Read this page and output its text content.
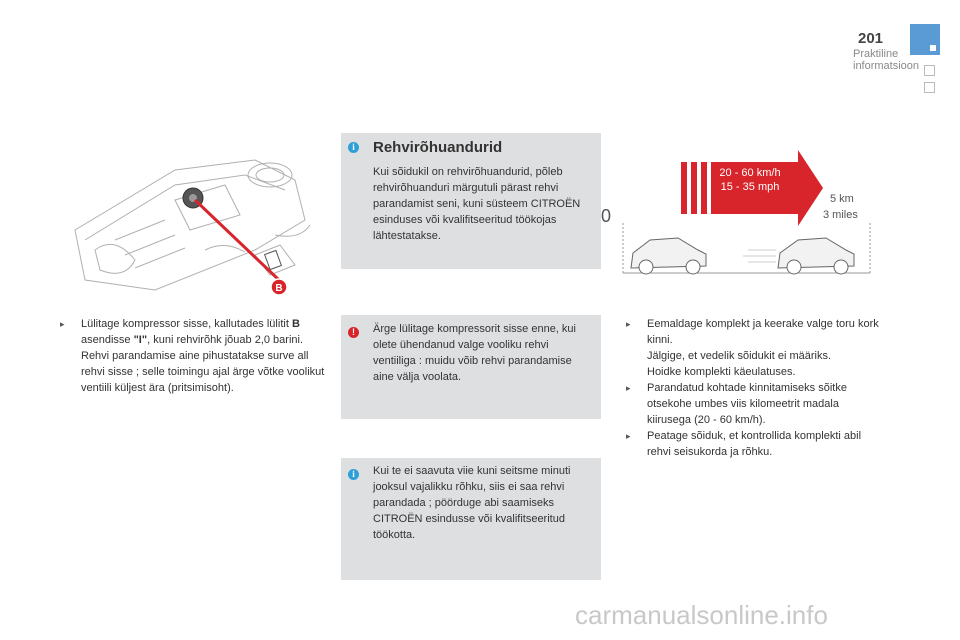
201
Praktiline informatsioon
B
i Rehvirõhuandurid
Kui sõidukil on rehvirõhuandurid, põleb rehvirõhuanduri märgutuli pärast rehvi parandamist seni, kuni süsteem CITROËN esinduses või kvalifitseeritud töökojas lähtestatakse.
!	Ärge lülitage kompressorit sisse enne, kui olete ühendanud valge vooliku rehvi ventiiliga : muidu võib rehvi parandamise aine välja voolata.
i	Kui te ei saavuta viie kuni seitsme minuti jooksul vajalikku rõhku, siis ei saa rehvi parandada ; pöörduge abi saamiseks CITROËN esindusse või kvalifitseeritud töökotta.
▸ Lülitage kompressor sisse, kallutades lülitit B asendisse "I", kuni rehvirõhk jõuab 2,0 barini.
Rehvi parandamise aine pihustatakse surve all rehvi sisse ; selle toimingu ajal ärge võtke voolikut ventiili küljest ära (pritsimisoht).
5 km
3 miles
0
20 - 60 km/h
15 - 35 mph
▸ Eemaldage komplekt ja keerake valge toru kork kinni.
Jälgige, et vedelik sõidukit ei määriks.
Hoidke komplekti käeulatuses.
▸ Parandatud kohtade kinnitamiseks sõitke otsekohe umbes viis kilomeetrit madala kiirusega (20 - 60 km/h).
▸ Peatage sõiduk, et kontrollida komplekti abil rehvi seisukorda ja rõhku.
carmanualsonline.info
